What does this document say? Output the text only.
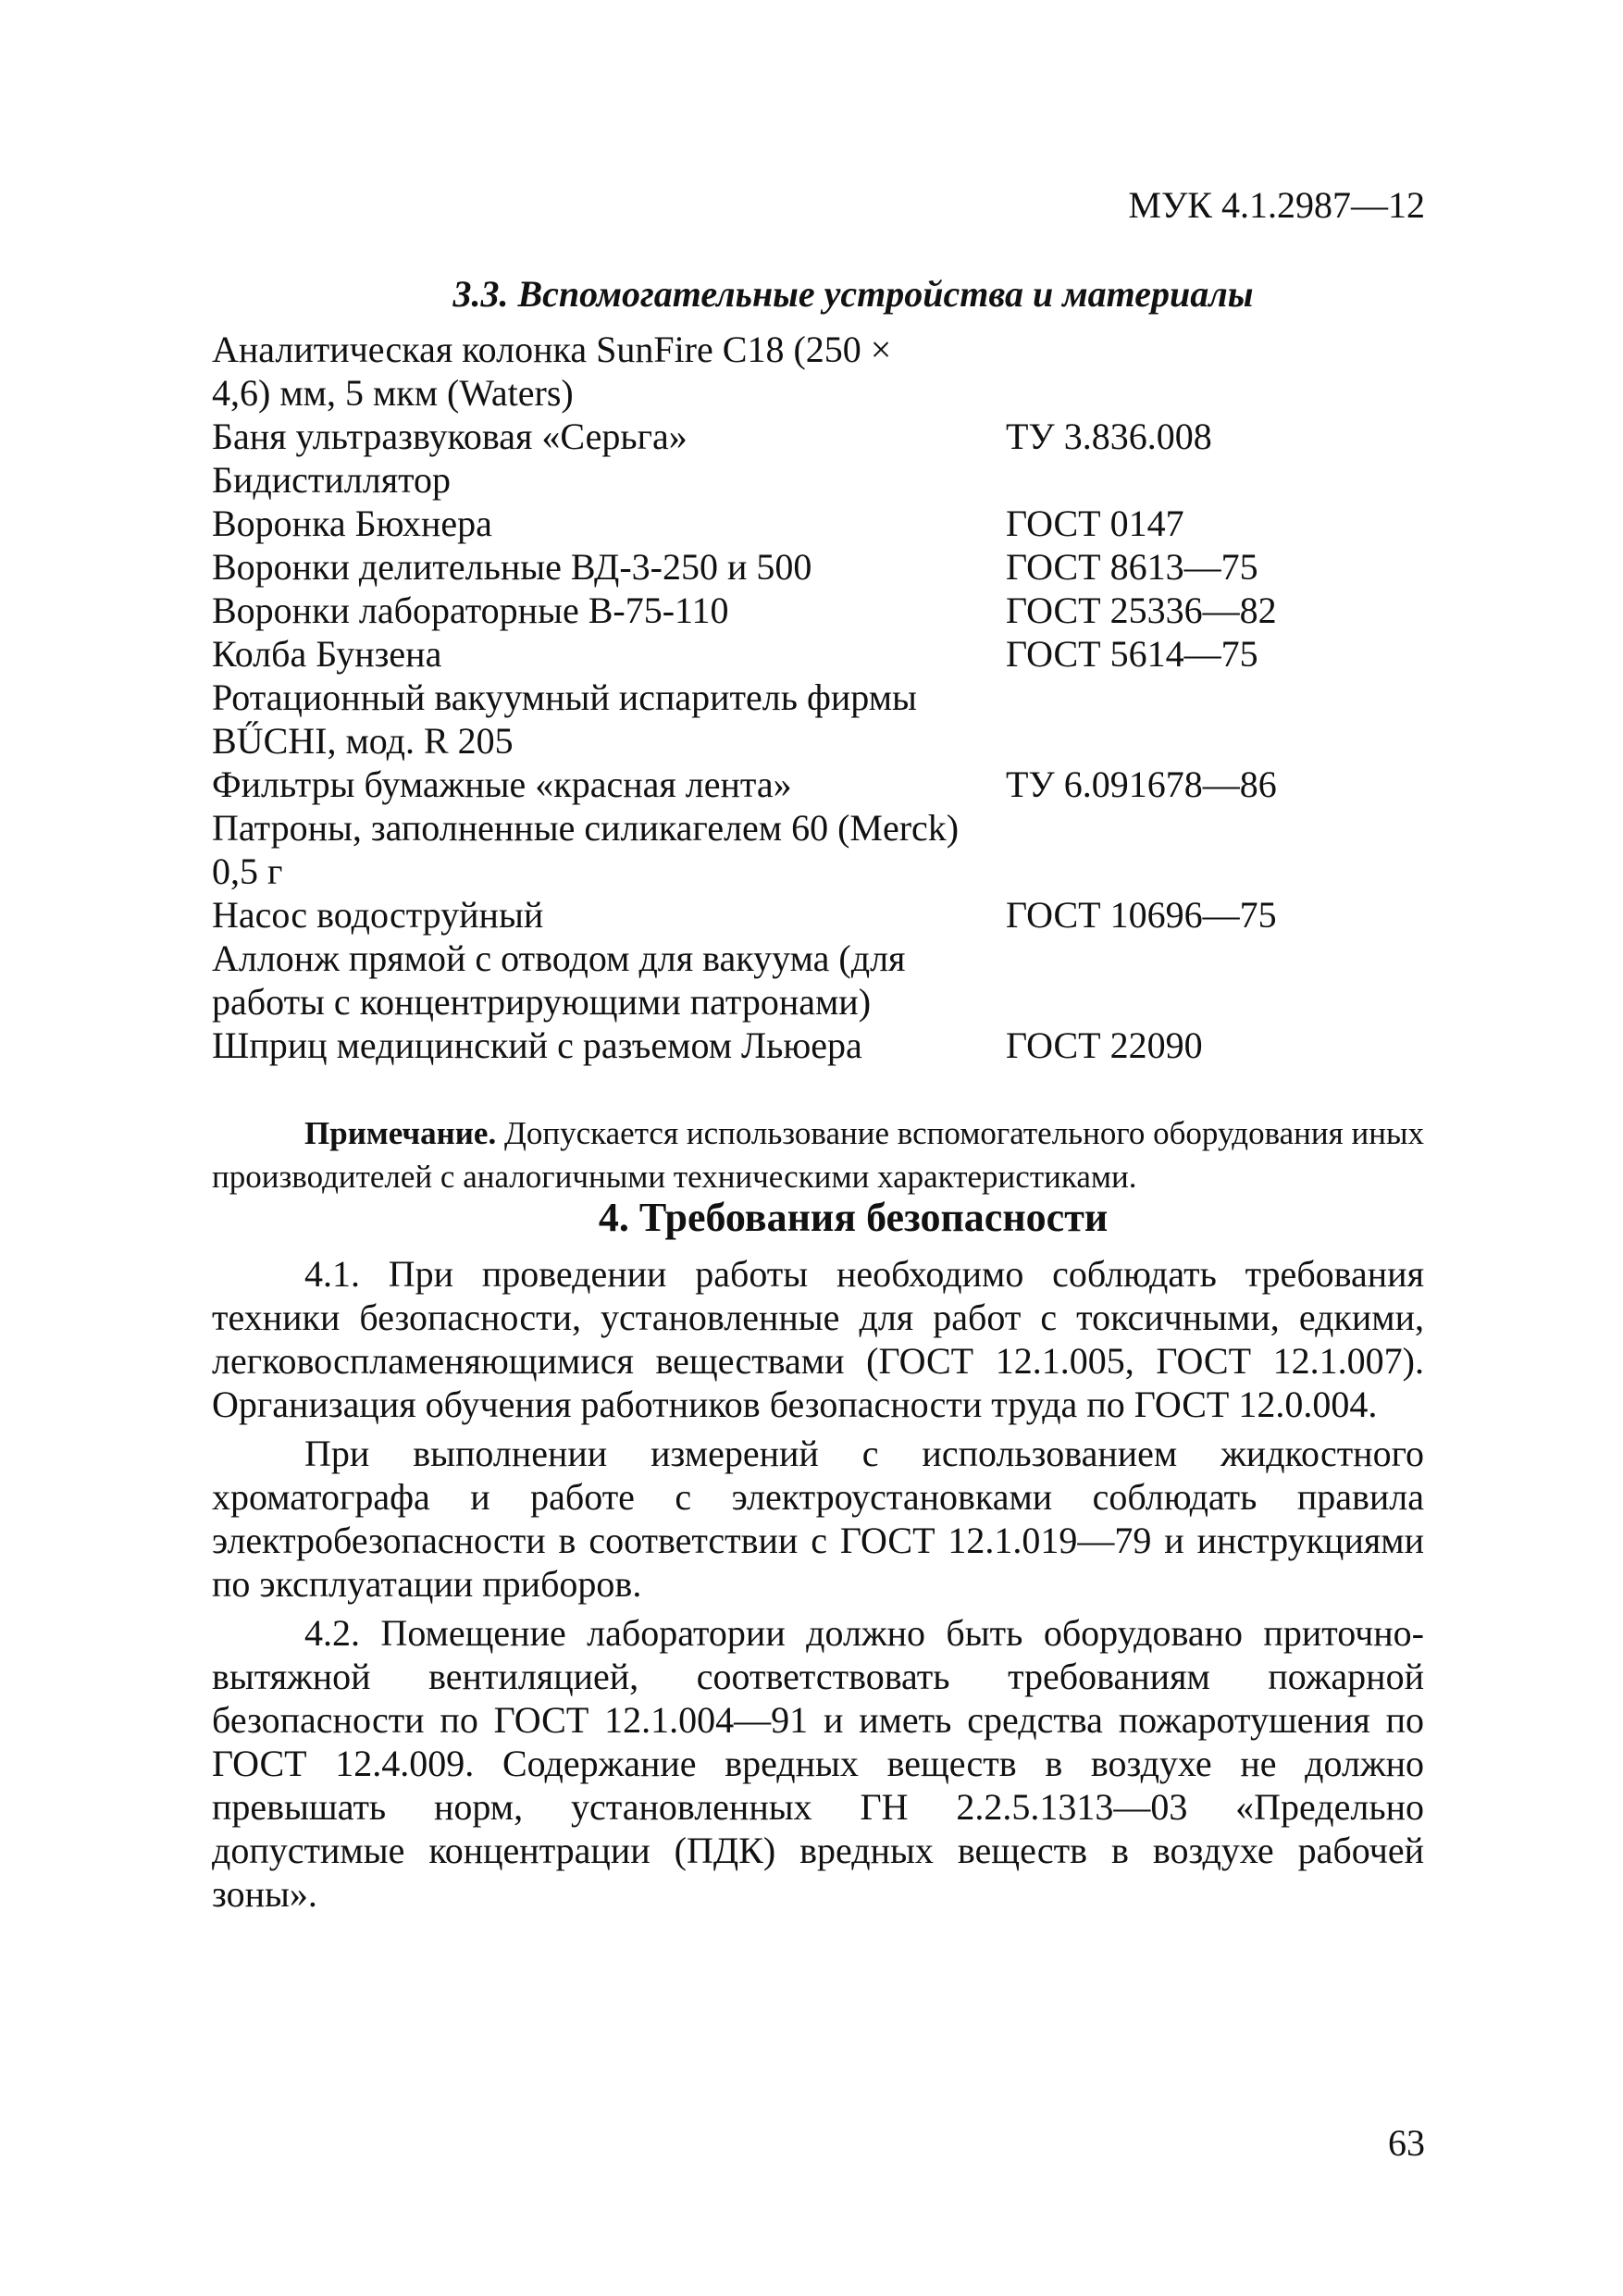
МУК 4.1.2987—12
3.3. Вспомогательные устройства и материалы
Аналитическая колонка SunFire C18 (250 × 4,6) мм, 5 мкм (Waters)
Баня ультразвуковая «Серьга»	ТУ 3.836.008
Бидистиллятор
Воронка Бюхнера	ГОСТ 0147
Воронки делительные ВД-3-250 и 500	ГОСТ 8613—75
Воронки лабораторные В-75-110	ГОСТ 25336—82
Колба Бунзена	ГОСТ 5614—75
Ротационный вакуумный испаритель фирмы BŰCHI, мод. R 205
Фильтры бумажные «красная лента»	ТУ 6.091678—86
Патроны, заполненные силикагелем 60 (Merck) 0,5 г
Насос водоструйный	ГОСТ 10696—75
Аллонж прямой с отводом для вакуума (для работы с концентрирующими патронами)
Шприц медицинский с разъемом Льюера	ГОСТ 22090

Примечание. Допускается использование вспомогательного оборудования иных производителей с аналогичными техническими характеристиками.

4. Требования безопасности

4.1. При проведении работы необходимо соблюдать требования техники безопасности, установленные для работ с токсичными, едкими, легковоспламеняющимися веществами (ГОСТ 12.1.005, ГОСТ 12.1.007). Организация обучения работников безопасности труда по ГОСТ 12.0.004.

При выполнении измерений с использованием жидкостного хроматографа и работе с электроустановками соблюдать правила электробезопасности в соответствии с ГОСТ 12.1.019—79 и инструкциями по эксплуатации приборов.

4.2. Помещение лаборатории должно быть оборудовано приточно-вытяжной вентиляцией, соответствовать требованиям пожарной безопасности по ГОСТ 12.1.004—91 и иметь средства пожаротушения по ГОСТ 12.4.009. Содержание вредных веществ в воздухе не должно превышать норм, установленных ГН 2.2.5.1313—03 «Предельно допустимые концентрации (ПДК) вредных веществ в воздухе рабочей зоны».

63
